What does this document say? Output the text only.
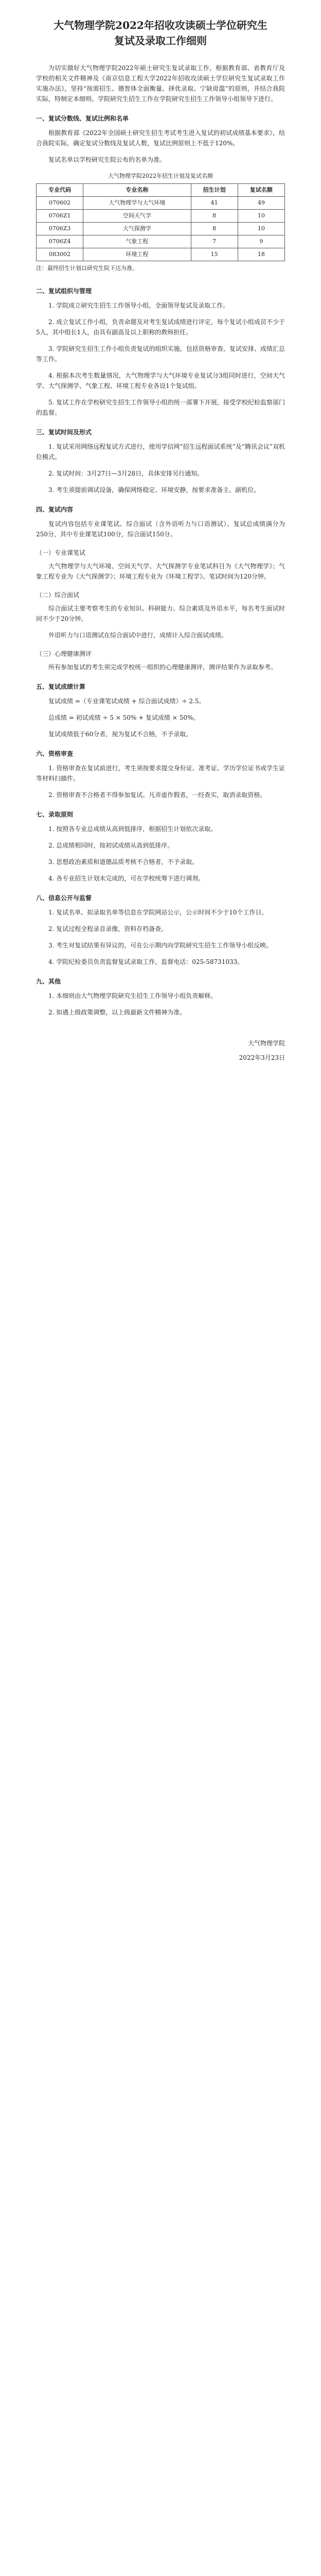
大气物理学院2022年招收攻读硕士学位研究生
复试及录取工作细则

为切实做好大气物理学院2022年硕士研究生复试录取工作，根据教育部、省教育厅及学校的相关文件精神及《南京信息工程大学2022年招收攻读硕士学位研究生复试录取工作实施办法》，坚持“按需招生、德智体全面衡量、择优录取、宁缺毋滥”的原则，并结合我院实际，特制定本细则。学院研究生招生工作在学院研究生招生工作领导小组领导下进行。

一、复试分数线、复试比例和名单

根据教育部《2022年全国硕士研究生招生考试考生进入复试的初试成绩基本要求》，结合我院实际，确定复试分数线及复试人数，复试比例原则上不低于120%。

复试名单以学校研究生院公布的名单为准。

大气物理学院2022年招生计划及复试名额
专业代码	专业名称	招生计划	复试名额
070602	大气物理学与大气环境	41	49
0706Z1	空间天气学	8	10
0706Z3	大气探测学	8	10
0706Z4	气象工程	7	9
083002	环境工程	15	18
注：最终招生计划以研究生院下达为准。
二、复试组织与管理

1. 学院成立研究生招生工作领导小组，全面领导复试及录取工作。

2. 成立复试工作小组，负责命题及对考生复试成绩进行评定，每个复试小组成员不少于5人，其中组长1人，由具有副高及以上职称的教师担任。

3. 学院研究生招生工作小组负责复试的组织实施，包括资格审查、复试安排、成绩汇总等工作。

4. 根据本次考生数量情况，大气物理学与大气环境专业复试分3组同时进行，空间天气学、大气探测学、气象工程、环境工程专业各设1个复试组。

5. 复试工作在学校研究生招生工作领导小组的统一部署下开展，接受学校纪检监察部门的监督。

三、复试时间及形式

1. 复试采用网络远程复试方式进行，使用学信网“招生远程面试系统”及“腾讯会议”双机位模式。

2. 复试时间：3月27日—3月28日，具体安排另行通知。

3. 考生须提前调试设备，确保网络稳定、环境安静，按要求准备主、副机位。

四、复试内容

复试内容包括专业课笔试、综合面试（含外语听力与口语测试）。复试总成绩满分为250分，其中专业课笔试100分，综合面试150分。

（一）专业课笔试

大气物理学与大气环境、空间天气学、大气探测学专业笔试科目为《大气物理学》；气象工程专业为《大气探测学》；环境工程专业为《环境工程学》。笔试时间为120分钟。

（二）综合面试

综合面试主要考察考生的专业知识、科研能力、综合素质及外语水平，每名考生面试时间不少于20分钟。

外语听力与口语测试在综合面试中进行，成绩计入综合面试成绩。

（三）心理健康测评

所有参加复试的考生须完成学校统一组织的心理健康测评，测评结果作为录取参考。

五、复试成绩计算

复试成绩 =（专业课笔试成绩 + 综合面试成绩）÷ 2.5。

总成绩 = 初试成绩 ÷ 5 × 50% + 复试成绩 × 50%。

复试成绩低于60分者，视为复试不合格，不予录取。

六、资格审查

1. 资格审查在复试前进行，考生须按要求提交身份证、准考证、学历学位证书或学生证等材料扫描件。

2. 资格审查不合格者不得参加复试。凡弄虚作假者，一经查实，取消录取资格。

七、录取原则

1. 按照各专业总成绩从高到低排序，根据招生计划依次录取。

2. 总成绩相同时，按初试成绩从高到低排序。

3. 思想政治素质和道德品质考核不合格者，不予录取。

4. 各专业招生计划未完成的，可在学校统筹下进行调剂。

八、信息公开与监督

1. 复试名单、拟录取名单等信息在学院网站公示，公示时间不少于10个工作日。

2. 复试过程全程录音录像，资料存档备查。

3. 考生对复试结果有异议的，可在公示期内向学院研究生招生工作领导小组反映。

4. 学院纪检委员负责监督复试录取工作，监督电话：025-58731033。

九、其他

1. 本细则由大气物理学院研究生招生工作领导小组负责解释。

2. 如遇上级政策调整，以上级最新文件精神为准。

大气物理学院
2022年3月23日
